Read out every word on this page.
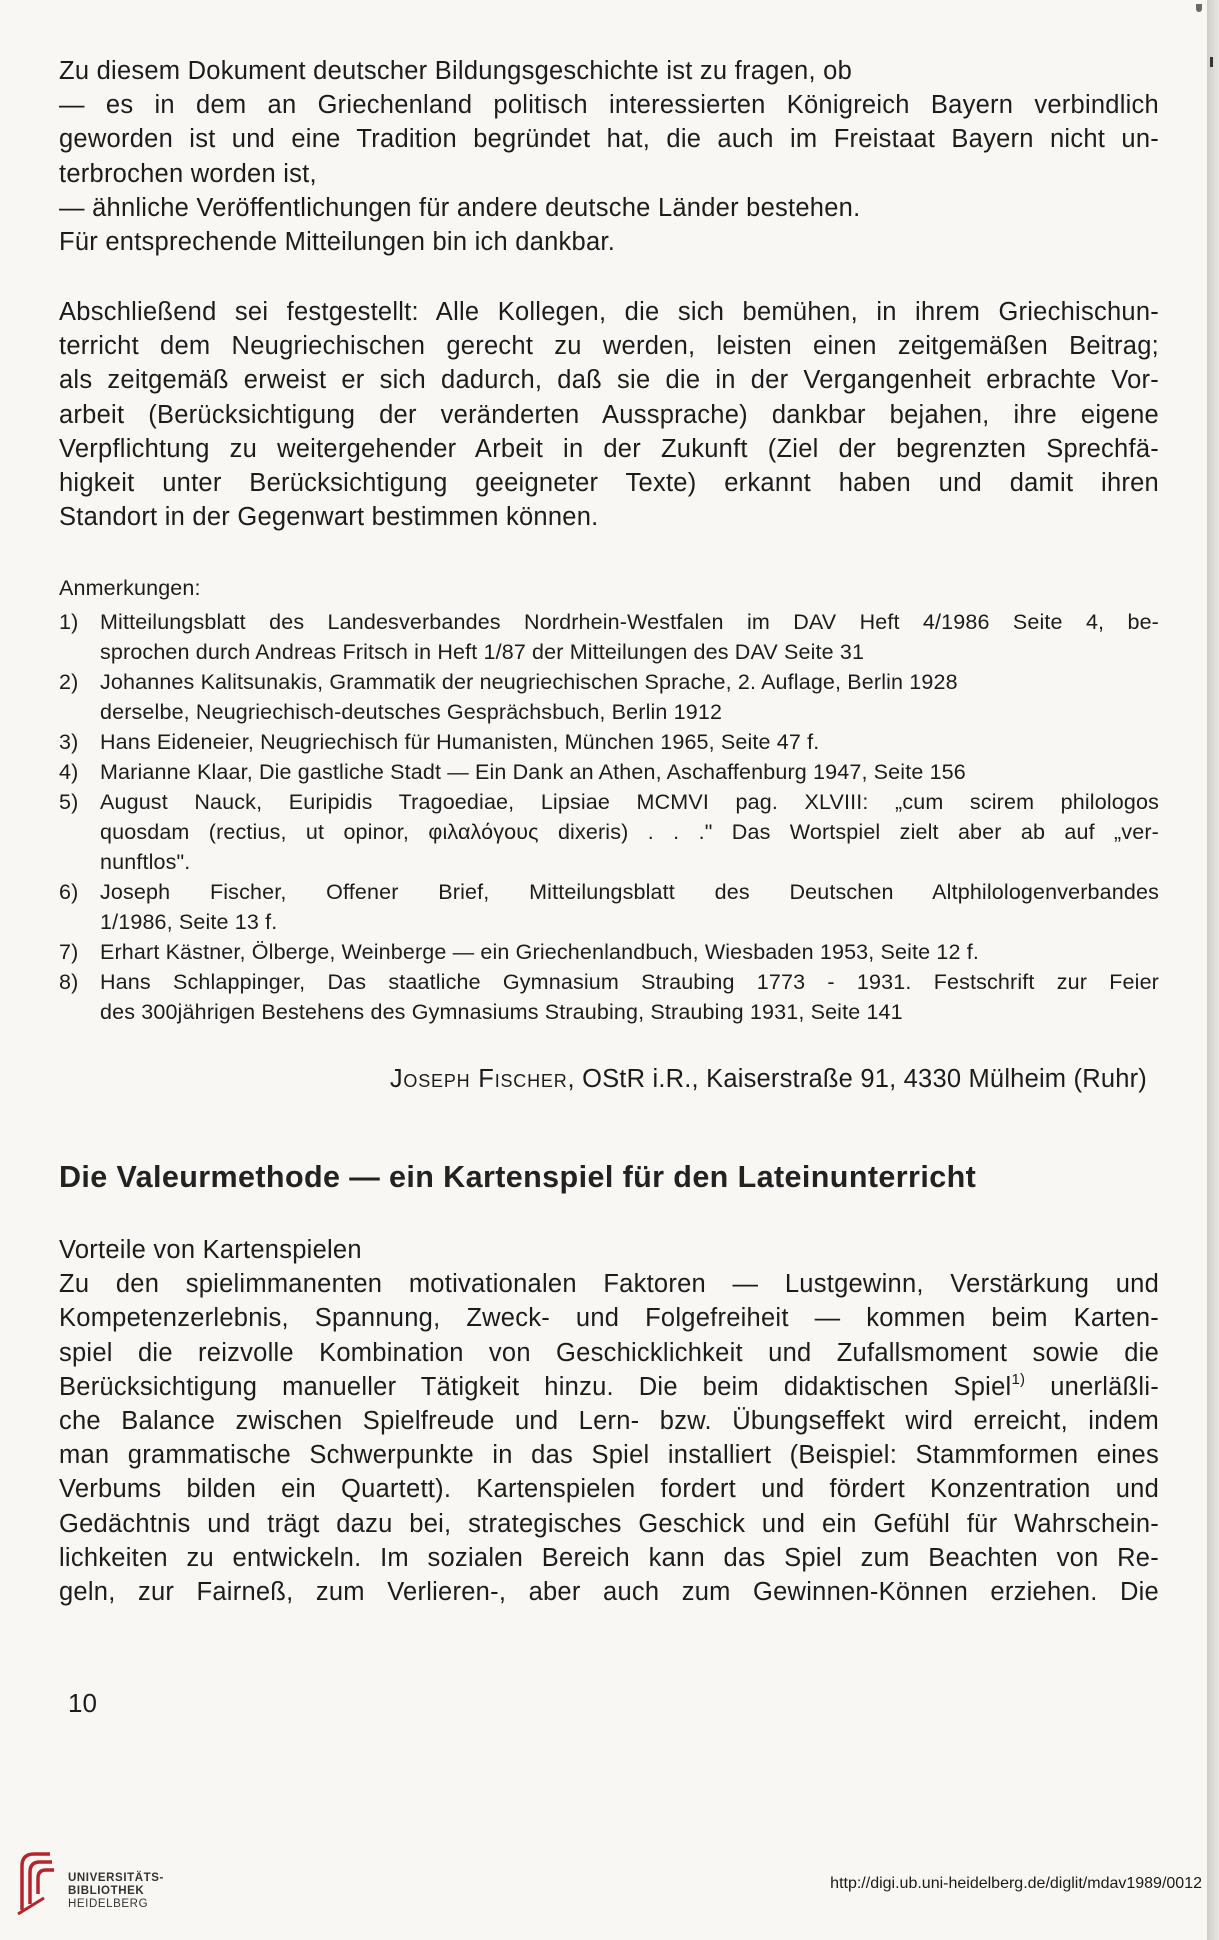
Zu diesem Dokument deutscher Bildungsgeschichte ist zu fragen, ob

— es in dem an Griechenland politisch interessierten Königreich Bayern verbindlich

geworden ist und eine Tradition begründet hat, die auch im Freistaat Bayern nicht un-

terbrochen worden ist,

— ähnliche Veröffentlichungen für andere deutsche Länder bestehen.

Für entsprechende Mitteilungen bin ich dankbar.

Abschließend sei festgestellt: Alle Kollegen, die sich bemühen, in ihrem Griechischun-

terricht dem Neugriechischen gerecht zu werden, leisten einen zeitgemäßen Beitrag;

als zeitgemäß erweist er sich dadurch, daß sie die in der Vergangenheit erbrachte Vor-

arbeit (Berücksichtigung der veränderten Aussprache) dankbar bejahen, ihre eigene

Verpflichtung zu weitergehender Arbeit in der Zukunft (Ziel der begrenzten Sprechfä-

higkeit unter Berücksichtigung geeigneter Texte) erkannt haben und damit ihren

Standort in der Gegenwart bestimmen können.

Anmerkungen:

1)	Mitteilungsblatt des Landesverbandes Nordrhein-Westfalen im DAV Heft 4/1986 Seite 4, be-
sprochen durch Andreas Fritsch in Heft 1/87 der Mitteilungen des DAV Seite 31
2)	Johannes Kalitsunakis, Grammatik der neugriechischen Sprache, 2. Auflage, Berlin 1928
derselbe, Neugriechisch-deutsches Gesprächsbuch, Berlin 1912
3)	Hans Eideneier, Neugriechisch für Humanisten, München 1965, Seite 47 f.
4)	Marianne Klaar, Die gastliche Stadt — Ein Dank an Athen, Aschaffenburg 1947, Seite 156
5)	August Nauck, Euripidis Tragoediae, Lipsiae MCMVI pag. XLVIII: „cum scirem philologos
quosdam (rectius, ut opinor, φιλαλόγους dixeris) . . ." Das Wortspiel zielt aber ab auf „ver-
nunftlos".
6)	Joseph Fischer, Offener Brief, Mitteilungsblatt des Deutschen Altphilologenverbandes
1/1986, Seite 13 f.
7)	Erhart Kästner, Ölberge, Weinberge — ein Griechenlandbuch, Wiesbaden 1953, Seite 12 f.
8)	Hans Schlappinger, Das staatliche Gymnasium Straubing 1773 - 1931. Festschrift zur Feier
des 300jährigen Bestehens des Gymnasiums Straubing, Straubing 1931, Seite 141
Joseph Fischer, OStR i.R., Kaiserstraße 91, 4330 Mülheim (Ruhr)
Die Valeurmethode — ein Kartenspiel für den Lateinunterricht

Vorteile von Kartenspielen

Zu den spielimmanenten motivationalen Faktoren — Lustgewinn, Verstärkung und

Kompetenzerlebnis, Spannung, Zweck- und Folgefreiheit — kommen beim Karten-

spiel die reizvolle Kombination von Geschicklichkeit und Zufallsmoment sowie die

Berücksichtigung manueller Tätigkeit hinzu. Die beim didaktischen Spiel$^{1)}$ unerläßli-

che Balance zwischen Spielfreude und Lern- bzw. Übungseffekt wird erreicht, indem

man grammatische Schwerpunkte in das Spiel installiert (Beispiel: Stammformen eines

Verbums bilden ein Quartett). Kartenspielen fordert und fördert Konzentration und

Gedächtnis und trägt dazu bei, strategisches Geschick und ein Gefühl für Wahrschein-

lichkeiten zu entwickeln. Im sozialen Bereich kann das Spiel zum Beachten von Re-

geln, zur Fairneß, zum Verlieren-, aber auch zum Gewinnen-Können erziehen. Die

10
UNIVERSITÄTS-
BIBLIOTHEK
HEIDELBERG
http://digi.ub.uni-heidelberg.de/diglit/mdav1989/0012
